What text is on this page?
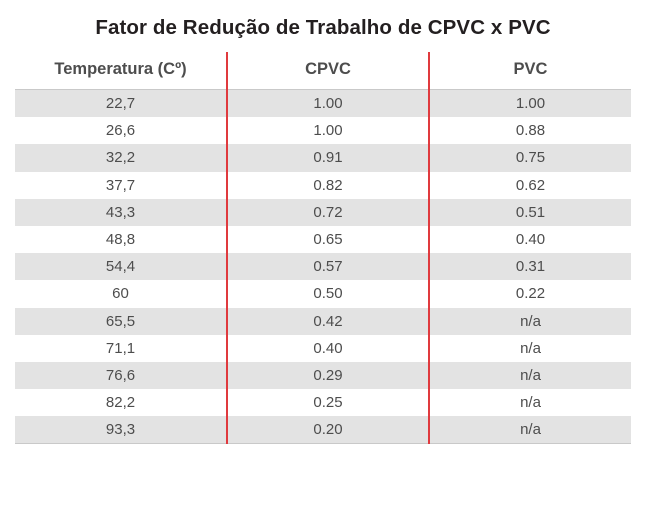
Fator de Redução de Trabalho de CPVC x PVC
Temperatura (Cº)	CPVC	PVC
22,7	1.00	1.00
26,6	1.00	0.88
32,2	0.91	0.75
37,7	0.82	0.62
43,3	0.72	0.51
48,8	0.65	0.40
54,4	0.57	0.31
60	0.50	0.22
65,5	0.42	n/a
71,1	0.40	n/a
76,6	0.29	n/a
82,2	0.25	n/a
93,3	0.20	n/a
